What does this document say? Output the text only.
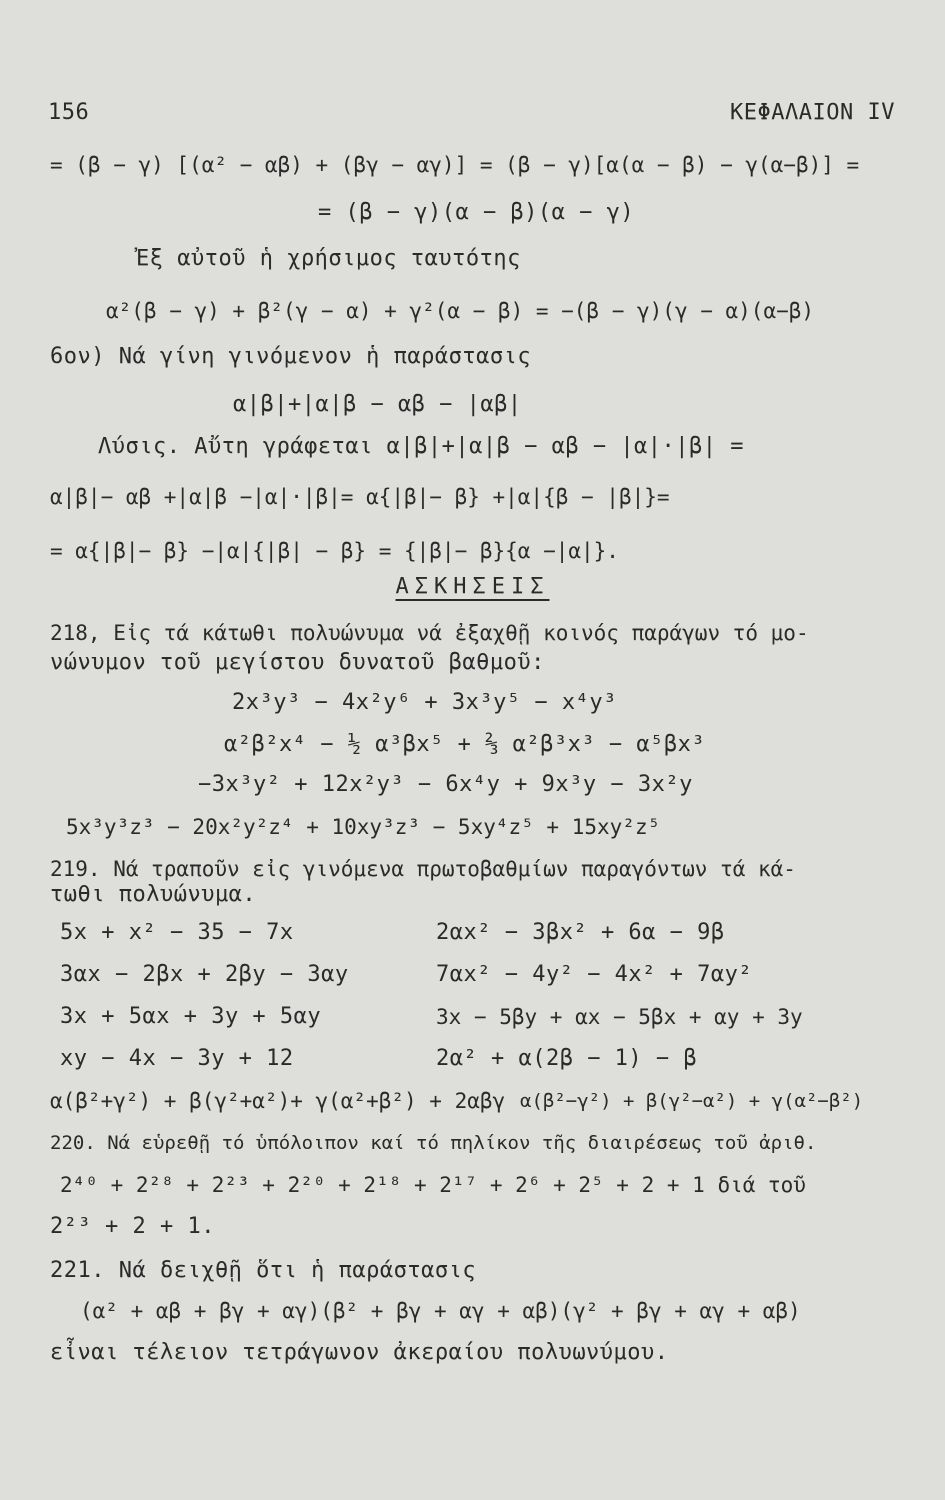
156	ΚΕΦΑΛΑΙΟΝ IV
= (β − γ) [(α² − αβ) + (βγ − αγ)] = (β − γ)[α(α − β) − γ(α−β)] =
= (β − γ)(α − β)(α − γ)
Ἐξ αὐτοῦ ἡ χρήσιμος ταυτότης
α²(β − γ) + β²(γ − α) + γ²(α − β) = −(β − γ)(γ − α)(α−β)
6ον) Νά γίνη γινόμενον ἡ παράστασις
α|β|+|α|β − αβ − |αβ|
Λύσις. Αὔτη γράφεται α|β|+|α|β − αβ − |α|·|β| =
α|β|− αβ +|α|β −|α|·|β|= α{|β|− β} +|α|{β − |β|}=
= α{|β|− β} −|α|{|β| − β} = {|β|− β}{α −|α|}.
ΑΣΚΗΣΕΙΣ
218, Εἰς τά κάτωθι πολυώνυμα νά ἐξαχθῇ κοινός παράγων τό μο-
νώνυμον τοῦ μεγίστου δυνατοῦ βαθμοῦ:
2x³y³ − 4x²y⁶ + 3x³y⁵ − x⁴y³
α²β²x⁴ − ½ α³βx⁵ + ⅔ α²β³x³ − α⁵βx³
−3x³y² + 12x²y³ − 6x⁴y + 9x³y − 3x²y
5x³y³z³ − 20x²y²z⁴ + 10xy³z³ − 5xy⁴z⁵ + 15xy²z⁵
219. Νά τραποῦν εἰς γινόμενα πρωτοβαθμίων παραγόντων τά κά-
τωθι πολυώνυμα.
5x + x² − 35 − 7x
3αx − 2βx + 2βy − 3αy
3x + 5αx + 3y + 5αy
xy − 4x − 3y + 12
α(β²+γ²) + β(γ²+α²)+ γ(α²+β²) + 2αβγ
2αx² − 3βx² + 6α − 9β
7αx² − 4y² − 4x² + 7αy²
3x − 5βy + αx − 5βx + αy + 3y
2α² + α(2β − 1) − β
α(β²−γ²) + β(γ²−α²) + γ(α²−β²)
220. Νά εὑρεθῇ τό ὑπόλοιπον καί τό πηλίκον τῆς διαιρέσεως τοῦ ἀριθ.
2⁴⁰ + 2²⁸ + 2²³ + 2²⁰ + 2¹⁸ + 2¹⁷ + 2⁶ + 2⁵ + 2 + 1 διά τοῦ
2²³ + 2 + 1.
221. Νά δειχθῇ ὅτι ἡ παράστασις
(α² + αβ + βγ + αγ)(β² + βγ + αγ + αβ)(γ² + βγ + αγ + αβ)
εἶναι τέλειον τετράγωνον ἀκεραίου πολυωνύμου.
